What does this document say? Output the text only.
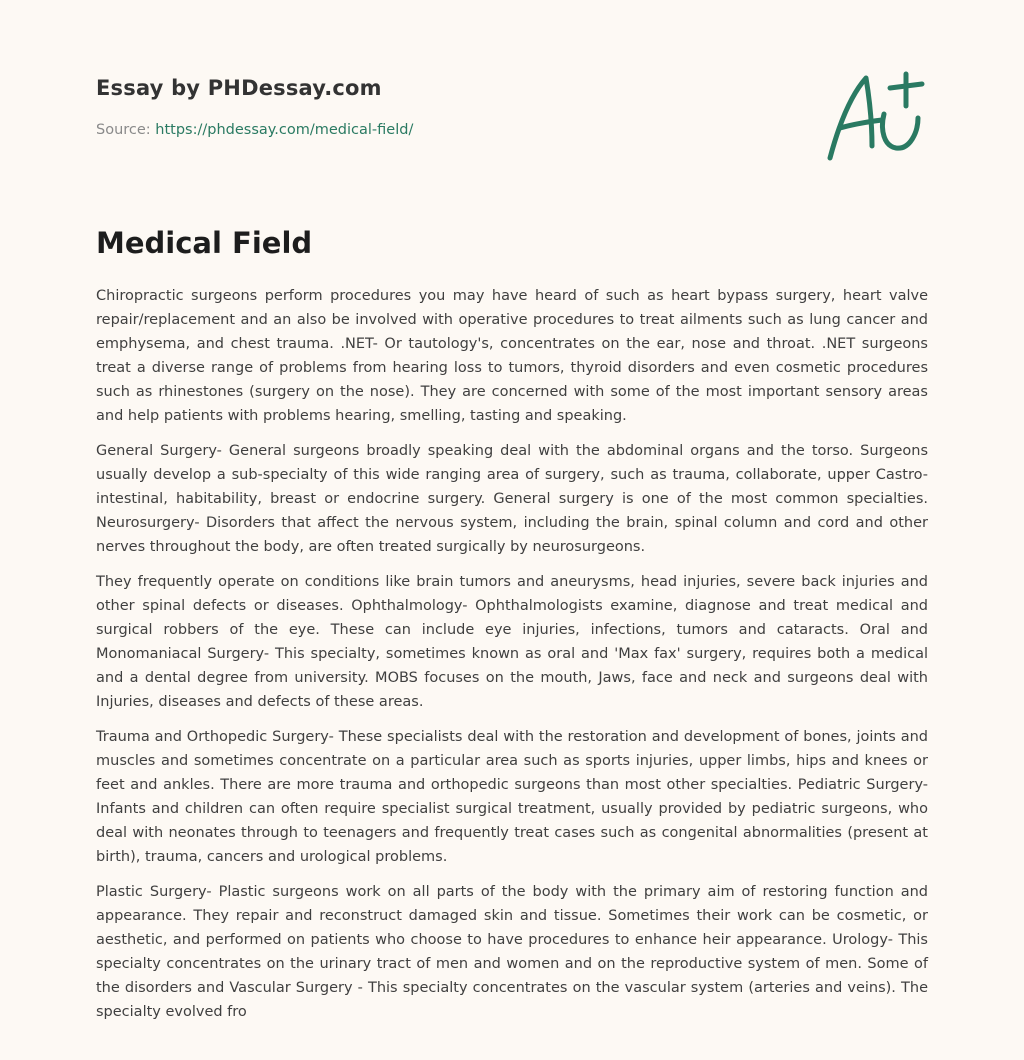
Essay by PHDessay.com
Source: https://phdessay.com/medical-field/
Medical Field

Chiropractic surgeons perform procedures you may have heard of such as heart bypass surgery, heart valve repair/replacement and an also be involved with operative procedures to treat ailments such as lung cancer and emphysema, and chest trauma. .NET- Or tautology's, concentrates on the ear, nose and throat. .NET surgeons treat a diverse range of problems from hearing loss to tumors, thyroid disorders and even cosmetic procedures such as rhinestones (surgery on the nose). They are concerned with some of the most important sensory areas and help patients with problems hearing, smelling, tasting and speaking.

General Surgery- General surgeons broadly speaking deal with the abdominal organs and the torso. Surgeons usually develop a sub-specialty of this wide ranging area of surgery, such as trauma, collaborate, upper Castro-intestinal, habitability, breast or endocrine surgery. General surgery is one of the most common specialties. Neurosurgery- Disorders that affect the nervous system, including the brain, spinal column and cord and other nerves throughout the body, are often treated surgically by neurosurgeons.

They frequently operate on conditions like brain tumors and aneurysms, head injuries, severe back injuries and other spinal defects or diseases. Ophthalmology- Ophthalmologists examine, diagnose and treat medical and surgical robbers of the eye. These can include eye injuries, infections, tumors and cataracts. Oral and Monomaniacal Surgery- This specialty, sometimes known as oral and 'Max fax' surgery, requires both a medical and a dental degree from university. MOBS focuses on the mouth, Jaws, face and neck and surgeons deal with Injuries, diseases and defects of these areas.

Trauma and Orthopedic Surgery- These specialists deal with the restoration and development of bones, joints and muscles and sometimes concentrate on a particular area such as sports injuries, upper limbs, hips and knees or feet and ankles. There are more trauma and orthopedic surgeons than most other specialties. Pediatric Surgery- Infants and children can often require specialist surgical treatment, usually provided by pediatric surgeons, who deal with neonates through to teenagers and frequently treat cases such as congenital abnormalities (present at birth), trauma, cancers and urological problems.

Plastic Surgery- Plastic surgeons work on all parts of the body with the primary aim of restoring function and appearance. They repair and reconstruct damaged skin and tissue. Sometimes their work can be cosmetic, or aesthetic, and performed on patients who choose to have procedures to enhance heir appearance. Urology- This specialty concentrates on the urinary tract of men and women and on the reproductive system of men. Some of the disorders and Vascular Surgery - This specialty concentrates on the vascular system (arteries and veins). The specialty evolved fro
